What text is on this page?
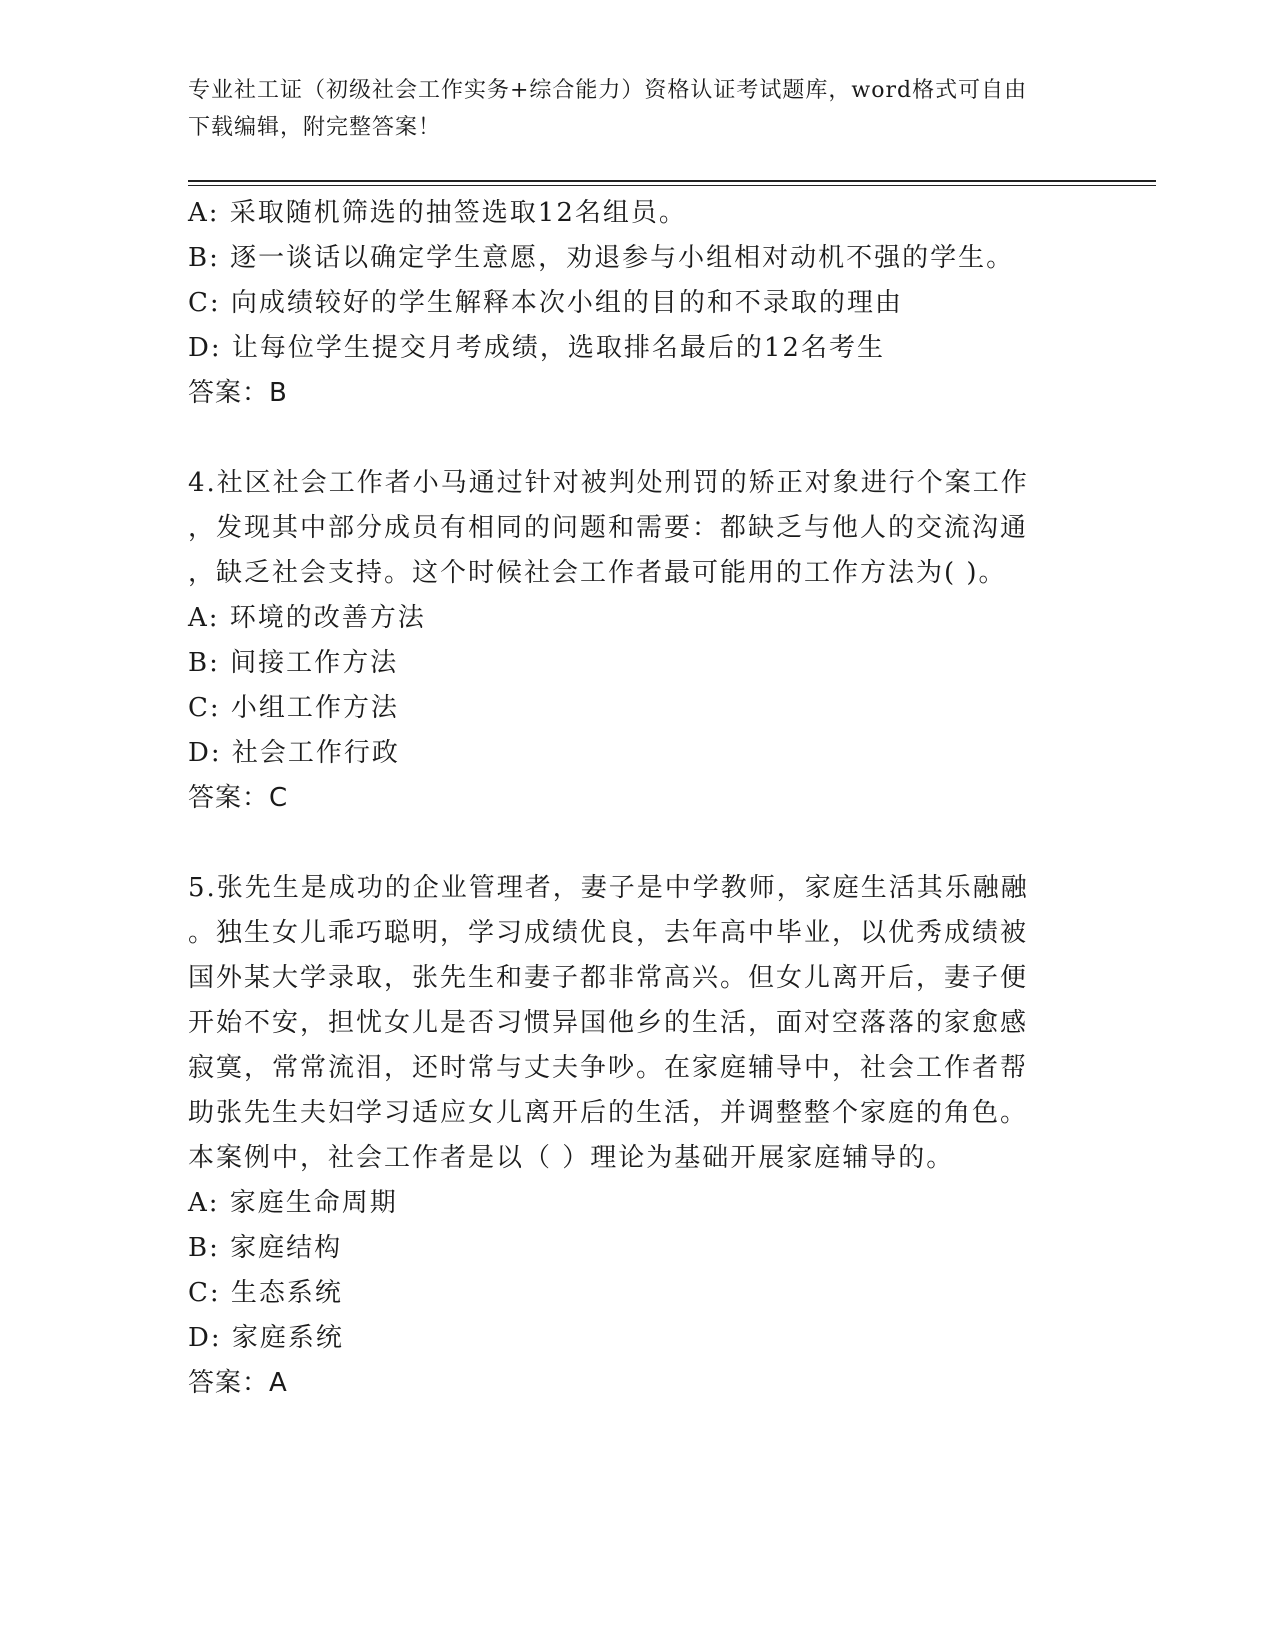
专业社工证（初级社会工作实务+综合能力）资格认证考试题库，word格式可自由
下载编辑，附完整答案！
A: 采取随机筛选的抽签选取12名组员。
B: 逐一谈话以确定学生意愿，劝退参与小组相对动机不强的学生。
C: 向成绩较好的学生解释本次小组的目的和不录取的理由
D: 让每位学生提交月考成绩，选取排名最后的12名考生
答案：B
4.社区社会工作者小马通过针对被判处刑罚的矫正对象进行个案工作
，发现其中部分成员有相同的问题和需要：都缺乏与他人的交流沟通
，缺乏社会支持。这个时候社会工作者最可能用的工作方法为( )。
A: 环境的改善方法
B: 间接工作方法
C: 小组工作方法
D: 社会工作行政
答案：C
5.张先生是成功的企业管理者，妻子是中学教师，家庭生活其乐融融
。独生女儿乖巧聪明，学习成绩优良，去年高中毕业，以优秀成绩被
国外某大学录取，张先生和妻子都非常高兴。但女儿离开后，妻子便
开始不安，担忧女儿是否习惯异国他乡的生活，面对空落落的家愈感
寂寞，常常流泪，还时常与丈夫争吵。在家庭辅导中，社会工作者帮
助张先生夫妇学习适应女儿离开后的生活，并调整整个家庭的角色。
本案例中，社会工作者是以（ ）理论为基础开展家庭辅导的。
A: 家庭生命周期
B: 家庭结构
C: 生态系统
D: 家庭系统
答案：A
